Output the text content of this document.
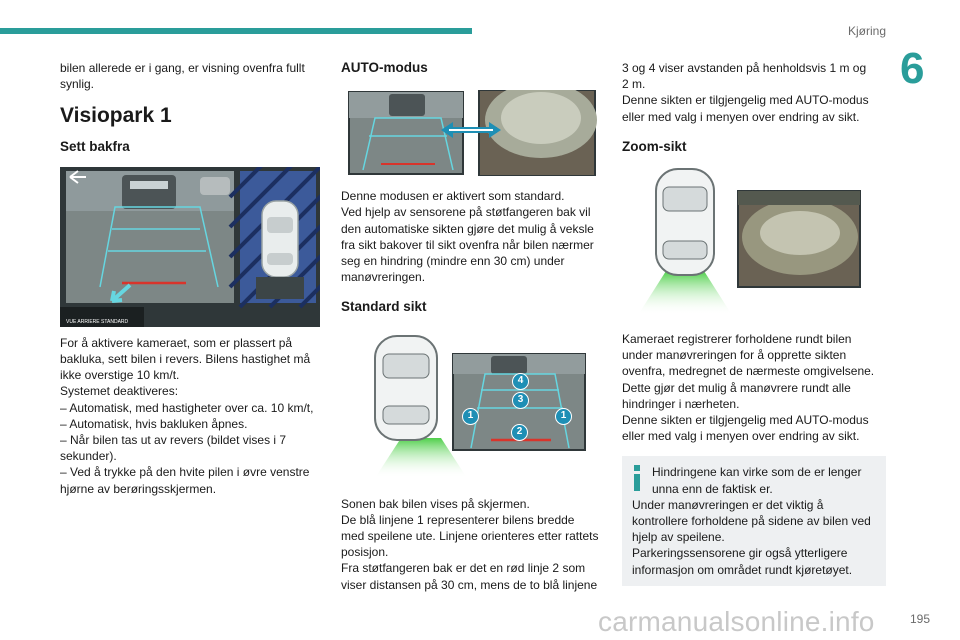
Kjøring
6
195
carmanualsonline.info

bilen allerede er i gang, er visning ovenfra fullt
synlig.

Visiopark 1
Sett bakfra
VUE ARRIERE STANDARD

For å aktivere kameraet, som er plassert på
bakluka, sett bilen i revers. Bilens hastighet må
ikke overstige 10 km/t.
Systemet deaktiveres:
– Automatisk, med hastigheter over ca. 10 km/t,
– Automatisk, hvis bakluken åpnes.
– Når bilen tas ut av revers (bildet vises i 7
sekunder).
– Ved å trykke på den hvite pilen i øvre venstre
hjørne av berøringsskjermen.

AUTO-modus

Denne modusen er aktivert som standard.
Ved hjelp av sensorene på støtfangeren bak vil
den automatiske sikten gjøre det mulig å veksle
fra sikt bakover til sikt ovenfra når bilen nærmer
seg en hindring (mindre enn 30 cm) under
manøvreringen.

Standard sikt
4
3
1	1
2

Sonen bak bilen vises på skjermen.
De blå linjene 1 representerer bilens bredde
med speilene ute. Linjene orienteres etter rattets
posisjon.
Fra støtfangeren bak er det en rød linje 2 som
viser distansen på 30 cm, mens de to blå linjene

3 og 4 viser avstanden på henholdsvis 1 m og
2 m.
Denne sikten er tilgjengelig med AUTO-modus
eller med valg i menyen over endring av sikt.

Zoom-sikt

Kameraet registrerer forholdene rundt bilen
under manøvreringen for å opprette sikten
ovenfra, medregnet de nærmeste omgivelsene.
Dette gjør det mulig å manøvrere rundt alle
hindringer i nærheten.
Denne sikten er tilgjengelig med AUTO-modus
eller med valg i menyen over endring av sikt.

Hindringene kan virke som de er lenger
unna enn de faktisk er.

Under manøvreringen er det viktig å
kontrollere forholdene på sidene av bilen ved
hjelp av speilene.
Parkeringssensorene gir også ytterligere
informasjon om området rundt kjøretøyet.
